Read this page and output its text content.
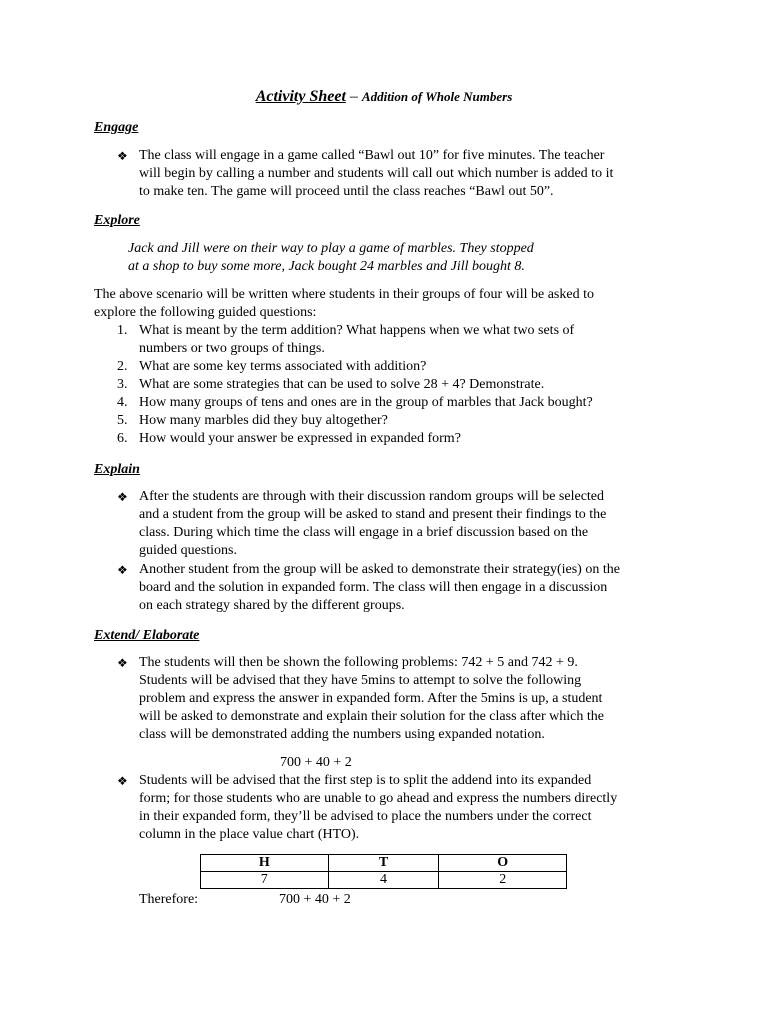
Activity Sheet – Addition of Whole Numbers
Engage
❖ The class will engage in a game called “Bawl out 10” for five minutes. The teacher
will begin by calling a number and students will call out which number is added to it
to make ten. The game will proceed until the class reaches “Bawl out 50”.
Explore
Jack and Jill were on their way to play a game of marbles. They stopped
at a shop to buy some more, Jack bought 24 marbles and Jill bought 8.
The above scenario will be written where students in their groups of four will be asked to
explore the following guided questions:
1. What is meant by the term addition? What happens when we what two sets of
numbers or two groups of things.
2. What are some key terms associated with addition?
3. What are some strategies that can be used to solve 28 + 4? Demonstrate.
4. How many groups of tens and ones are in the group of marbles that Jack bought?
5. How many marbles did they buy altogether?
6. How would your answer be expressed in expanded form?
Explain
❖ After the students are through with their discussion random groups will be selected
and a student from the group will be asked to stand and present their findings to the
class. During which time the class will engage in a brief discussion based on the
guided questions.
❖ Another student from the group will be asked to demonstrate their strategy(ies) on the
board and the solution in expanded form. The class will then engage in a discussion
on each strategy shared by the different groups.
Extend/ Elaborate
❖ The students will then be shown the following problems: 742 + 5 and 742 + 9.
Students will be advised that they have 5mins to attempt to solve the following
problem and express the answer in expanded form. After the 5mins is up, a student
will be asked to demonstrate and explain their solution for the class after which the
class will be demonstrated adding the numbers using expanded notation.
700 + 40 + 2
❖ Students will be advised that the first step is to split the addend into its expanded
form; for those students who are unable to go ahead and express the numbers directly
in their expanded form, they’ll be advised to place the numbers under the correct
column in the place value chart (HTO).
H	T	O
7	4	2
Therefore:	700 + 40 + 2
